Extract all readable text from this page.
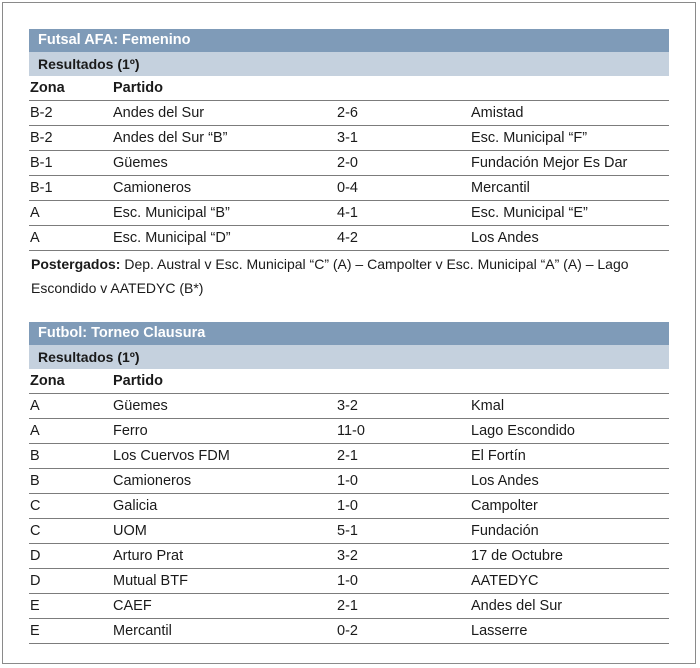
Futsal AFA: Femenino
Resultados (1º)
Zona	Partido
B-2	Andes del Sur	2-6	Amistad
B-2	Andes del Sur “B”	3-1	Esc. Municipal “F”
B-1	Güemes	2-0	Fundación Mejor Es Dar
B-1	Camioneros	0-4	Mercantil
A	Esc. Municipal “B”	4-1	Esc. Municipal “E”
A	Esc. Municipal “D”	4-2	Los Andes
Postergados: Dep. Austral v Esc. Municipal “C” (A) – Campolter v Esc. Municipal “A” (A) – Lago Escondido v AATEDYC (B*)
Futbol: Torneo Clausura
Resultados (1º)
Zona	Partido
A	Güemes	3-2	Kmal
A	Ferro	11-0	Lago Escondido
B	Los Cuervos FDM	2-1	El Fortín
B	Camioneros	1-0	Los Andes
C	Galicia	1-0	Campolter
C	UOM	5-1	Fundación
D	Arturo Prat	3-2	17 de Octubre
D	Mutual BTF	1-0	AATEDYC
E	CAEF	2-1	Andes del Sur
E	Mercantil	0-2	Lasserre
